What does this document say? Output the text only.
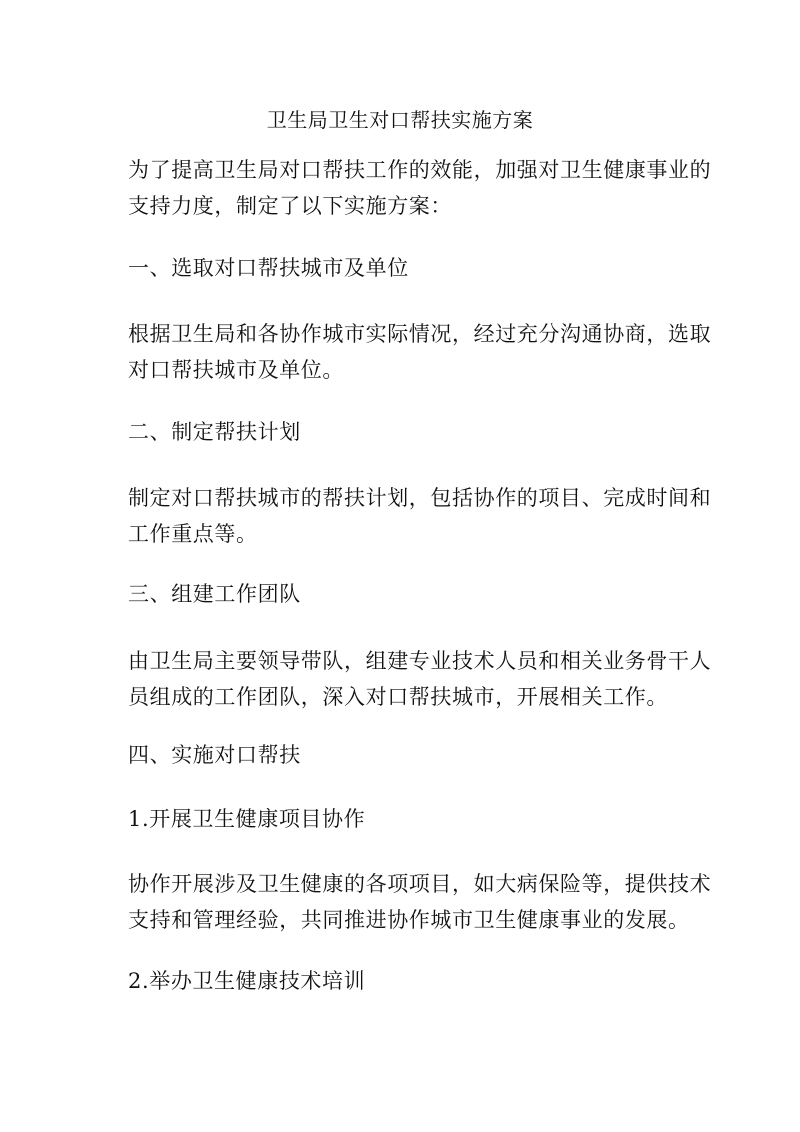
卫生局卫生对口帮扶实施方案

为了提高卫生局对口帮扶工作的效能，加强对卫生健康事业的支持力度，制定了以下实施方案：

一、选取对口帮扶城市及单位

根据卫生局和各协作城市实际情况，经过充分沟通协商，选取对口帮扶城市及单位。

二、制定帮扶计划

制定对口帮扶城市的帮扶计划，包括协作的项目、完成时间和工作重点等。

三、组建工作团队

由卫生局主要领导带队，组建专业技术人员和相关业务骨干人员组成的工作团队，深入对口帮扶城市，开展相关工作。

四、实施对口帮扶

1.开展卫生健康项目协作

协作开展涉及卫生健康的各项项目，如大病保险等，提供技术支持和管理经验，共同推进协作城市卫生健康事业的发展。

2.举办卫生健康技术培训
